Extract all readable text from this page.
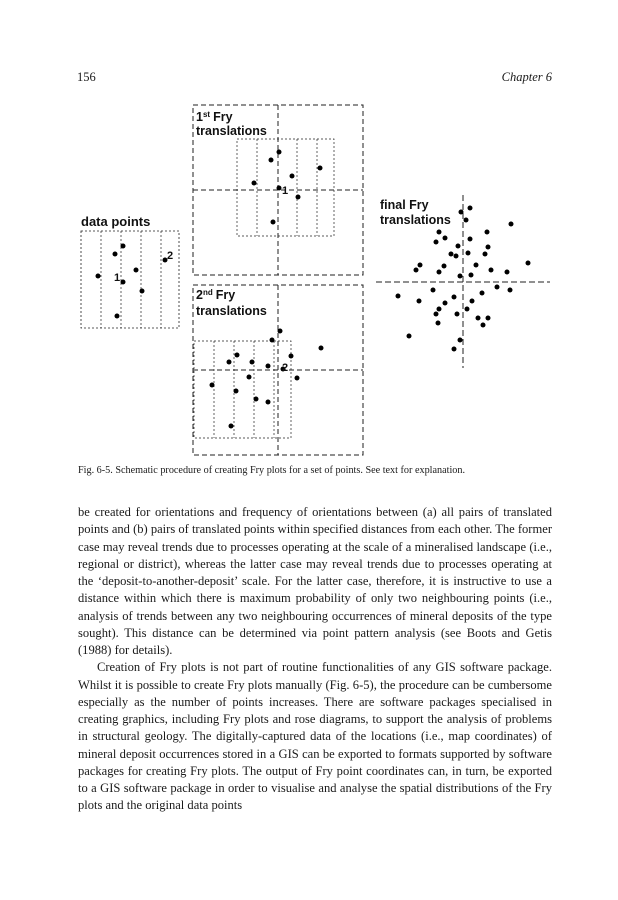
156	Chapter 6
data points
1
2
1st Fry
translations
1
2nd Fry
translations
2
final Fry
translations
Fig. 6-5. Schematic procedure of creating Fry plots for a set of points. See text for explanation.

be created for orientations and frequency of orientations between (a) all pairs of translated points and (b) pairs of translated points within specified distances from each other. The former case may reveal trends due to processes operating at the scale of a mineralised landscape (i.e., regional or district), whereas the latter case may reveal trends due to processes operating at the ‘deposit-to-another-deposit’ scale. For the latter case, therefore, it is instructive to use a distance within which there is maximum probability of only two neighbouring points (i.e., analysis of trends between any two neighbouring occurrences of mineral deposits of the type sought). This distance can be determined via point pattern analysis (see Boots and Getis (1988) for details).

Creation of Fry plots is not part of routine functionalities of any GIS software package. Whilst it is possible to create Fry plots manually (Fig. 6-5), the procedure can be cumbersome especially as the number of points increases. There are software packages specialised in creating graphics, including Fry plots and rose diagrams, to support the analysis of problems in structural geology. The digitally-captured data of the locations (i.e., map coordinates) of mineral deposit occurrences stored in a GIS can be exported to formats supported by software packages for creating Fry plots. The output of Fry point coordinates can, in turn, be exported to a GIS software package in order to visualise and analyse the spatial distributions of the Fry plots and the original data points
